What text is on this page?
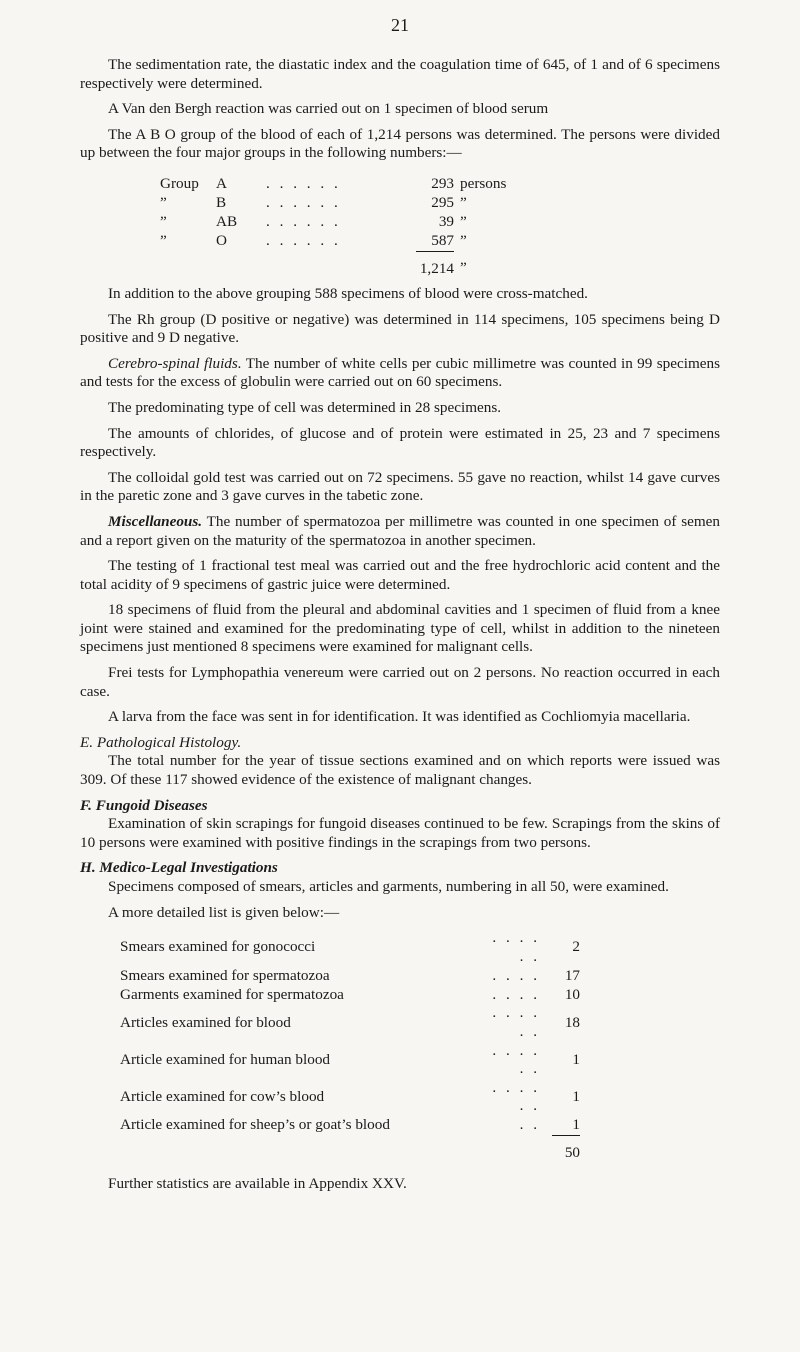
21

The sedimentation rate, the diastatic index and the coagulation time of 645, of 1 and of 6 specimens respectively were determined.

A Van den Bergh reaction was carried out on 1 specimen of blood serum

The A B O group of the blood of each of 1,214 persons was determined. The persons were divided up between the four major groups in the following numbers:—

Group	A	. . . . . .	293	persons
”	B	. . . . . .	295	”
”	AB	. . . . . .	39	”
”	O	. . . . . .	587	”
			1,214	”

In addition to the above grouping 588 specimens of blood were cross-matched.

The Rh group (D positive or negative) was determined in 114 specimens, 105 specimens being D positive and 9 D negative.

Cerebro-spinal fluids. The number of white cells per cubic millimetre was counted in 99 specimens and tests for the excess of globulin were carried out on 60 specimens.

The predominating type of cell was determined in 28 specimens.

The amounts of chlorides, of glucose and of protein were estimated in 25, 23 and 7 specimens respectively.

The colloidal gold test was carried out on 72 specimens. 55 gave no reaction, whilst 14 gave curves in the paretic zone and 3 gave curves in the tabetic zone.

Miscellaneous. The number of spermatozoa per millimetre was counted in one specimen of semen and a report given on the maturity of the spermatozoa in another specimen.

The testing of 1 fractional test meal was carried out and the free hydrochloric acid content and the total acidity of 9 specimens of gastric juice were determined.

18 specimens of fluid from the pleural and abdominal cavities and 1 specimen of fluid from a knee joint were stained and examined for the predominating type of cell, whilst in addition to the nineteen specimens just mentioned 8 specimens were examined for malignant cells.

Frei tests for Lymphopathia venereum were carried out on 2 persons. No reaction occurred in each case.

A larva from the face was sent in for identification. It was identified as Cochliomyia macellaria.

E. Pathological Histology.

The total number for the year of tissue sections examined and on which reports were issued was 309. Of these 117 showed evidence of the existence of malignant changes.

F. Fungoid Diseases

Examination of skin scrapings for fungoid diseases continued to be few. Scrapings from the skins of 10 persons were examined with positive findings in the scrapings from two persons.

H. Medico-Legal Investigations

Specimens composed of smears, articles and garments, numbering in all 50, were examined.

A more detailed list is given below:—

Smears examined for gonococci	. . . . . .	2
Smears examined for spermatozoa	. . . .	17
Garments examined for spermatozoa	. . . .	10
Articles examined for blood	. . . . . .	18
Article examined for human blood	. . . . . .	1
Article examined for cow’s blood	. . . . . .	1
Article examined for sheep’s or goat’s blood	. .	1
		50

Further statistics are available in Appendix XXV.
